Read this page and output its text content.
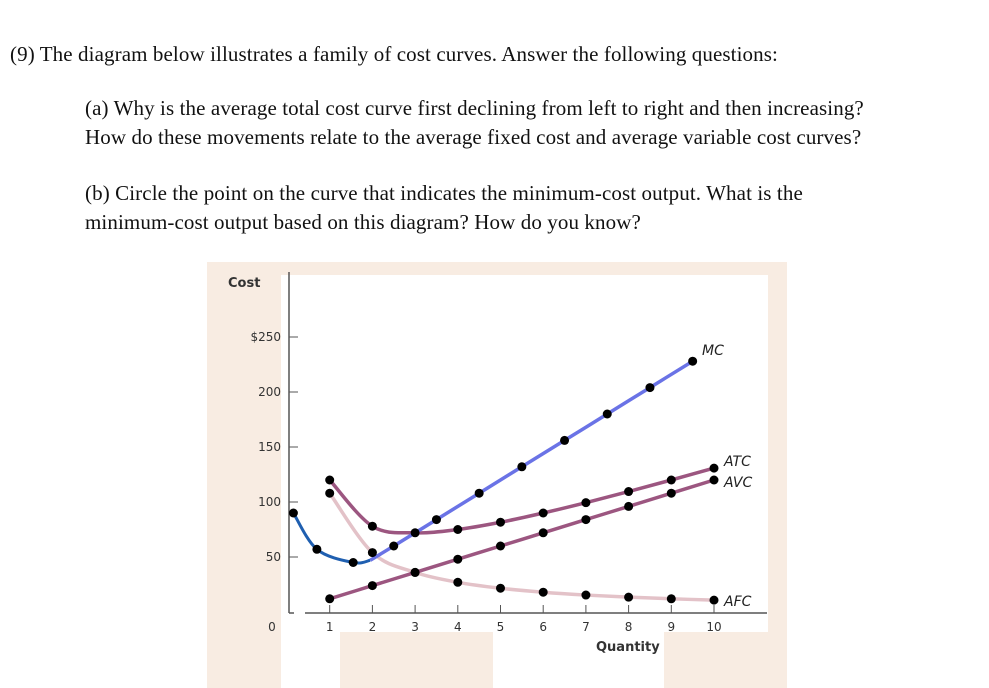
(9) The diagram below illustrates a family of cost curves. Answer the following questions:
(a) Why is the average total cost curve first declining from left to right and then increasing?
How do these movements relate to the average fixed cost and average variable cost curves?
(b) Circle the point on the curve that indicates the minimum-cost output. What is the
minimum-cost output based on this diagram? How do you know?
$250
200
150
100
50
0	1	2	3	4	5	6	7	8	9	10
MC
ATC
AVC
AFC
Cost
Quantity
